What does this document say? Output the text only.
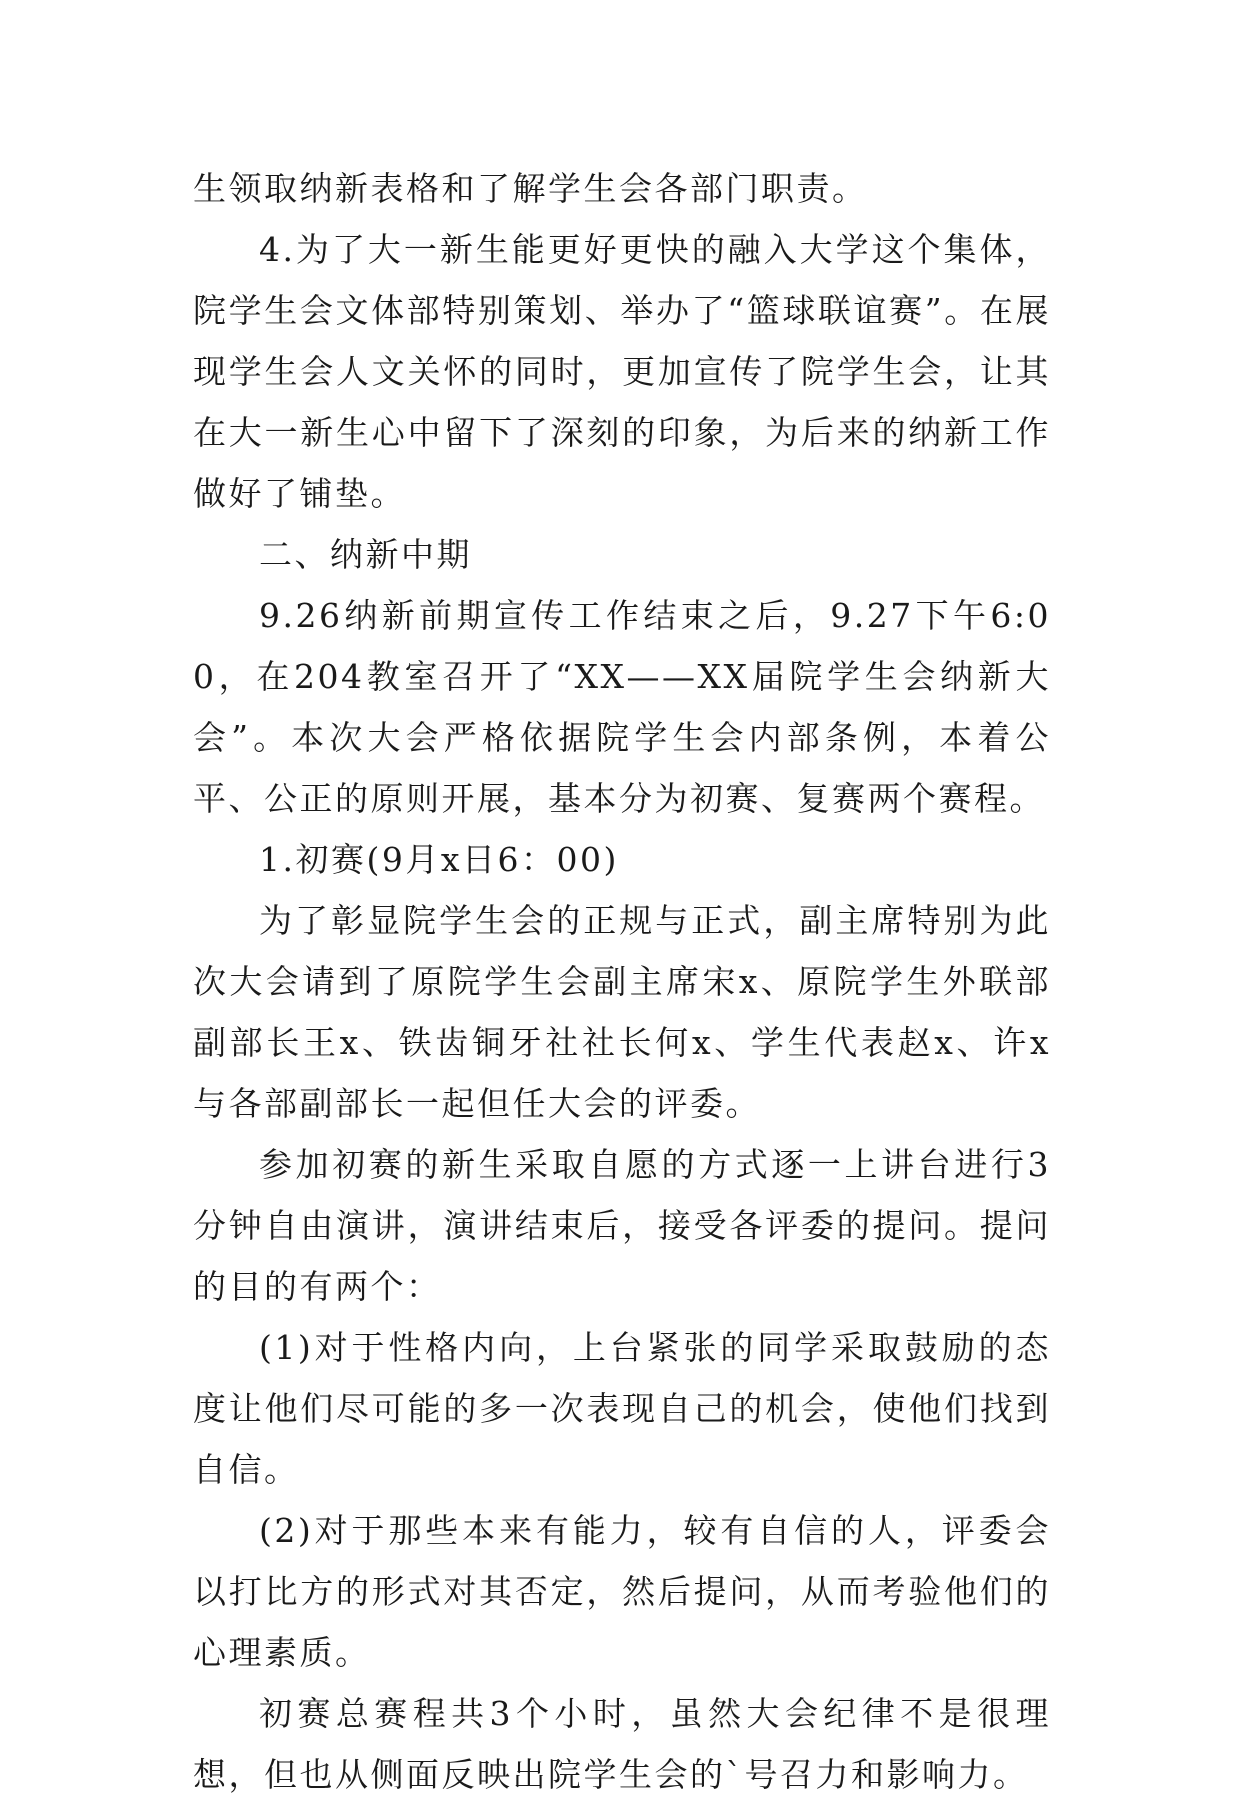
生领取纳新表格和了解学生会各部门职责。

4.为了大一新生能更好更快的融入大学这个集体，院学生会文体部特别策划、举办了“篮球联谊赛”。在展现学生会人文关怀的同时，更加宣传了院学生会，让其在大一新生心中留下了深刻的印象，为后来的纳新工作做好了铺垫。

二、纳新中期

9.26纳新前期宣传工作结束之后，9.27下午6:00，在204教室召开了“XX——XX届院学生会纳新大会”。本次大会严格依据院学生会内部条例，本着公平、公正的原则开展，基本分为初赛、复赛两个赛程。

1.初赛(9月x日6：00)

为了彰显院学生会的正规与正式，副主席特别为此次大会请到了原院学生会副主席宋x、原院学生外联部副部长王x、铁齿铜牙社社长何x、学生代表赵x、许x与各部副部长一起但任大会的评委。

参加初赛的新生采取自愿的方式逐一上讲台进行3分钟自由演讲，演讲结束后，接受各评委的提问。提问的目的有两个：

(1)对于性格内向，上台紧张的同学采取鼓励的态度让他们尽可能的多一次表现自己的机会，使他们找到自信。

(2)对于那些本来有能力，较有自信的人，评委会以打比方的形式对其否定，然后提问，从而考验他们的心理素质。

初赛总赛程共3个小时，虽然大会纪律不是很理想，但也从侧面反映出院学生会的`号召力和影响力。
